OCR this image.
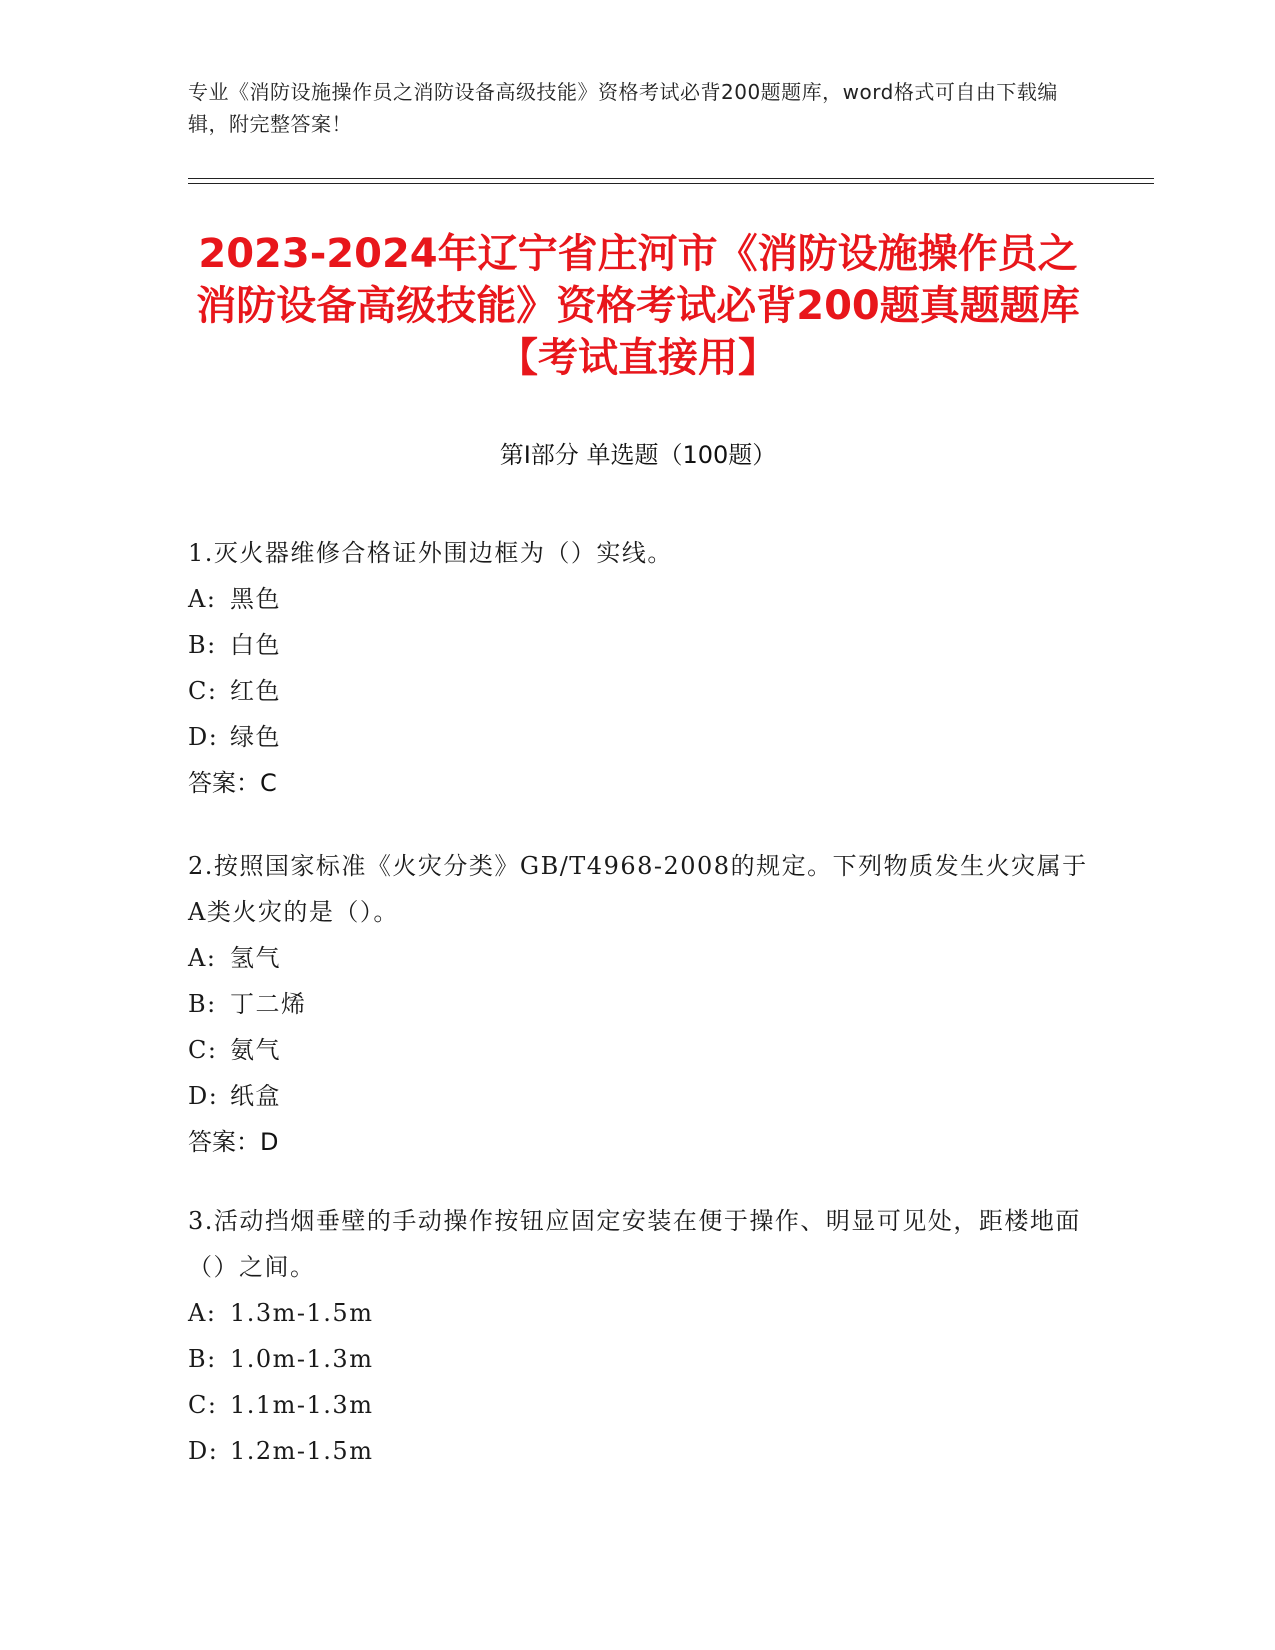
专业《消防设施操作员之消防设备高级技能》资格考试必背200题题库，word格式可自由下载编辑，附完整答案！
2023-2024年辽宁省庄河市《消防设施操作员之消防设备高级技能》资格考试必背200题真题题库【考试直接用】
第Ⅰ部分 单选题（100题）
1.灭火器维修合格证外围边框为（）实线。
A: 黑色
B: 白色
C: 红色
D: 绿色
答案：C
2.按照国家标准《火灾分类》GB/T4968-2008的规定。下列物质发生火灾属于A类火灾的是（）。
A: 氢气
B: 丁二烯
C: 氨气
D: 纸盒
答案：D
3.活动挡烟垂壁的手动操作按钮应固定安装在便于操作、明显可见处，距楼地面（）之间。
A: 1.3m-1.5m
B: 1.0m-1.3m
C: 1.1m-1.3m
D: 1.2m-1.5m
